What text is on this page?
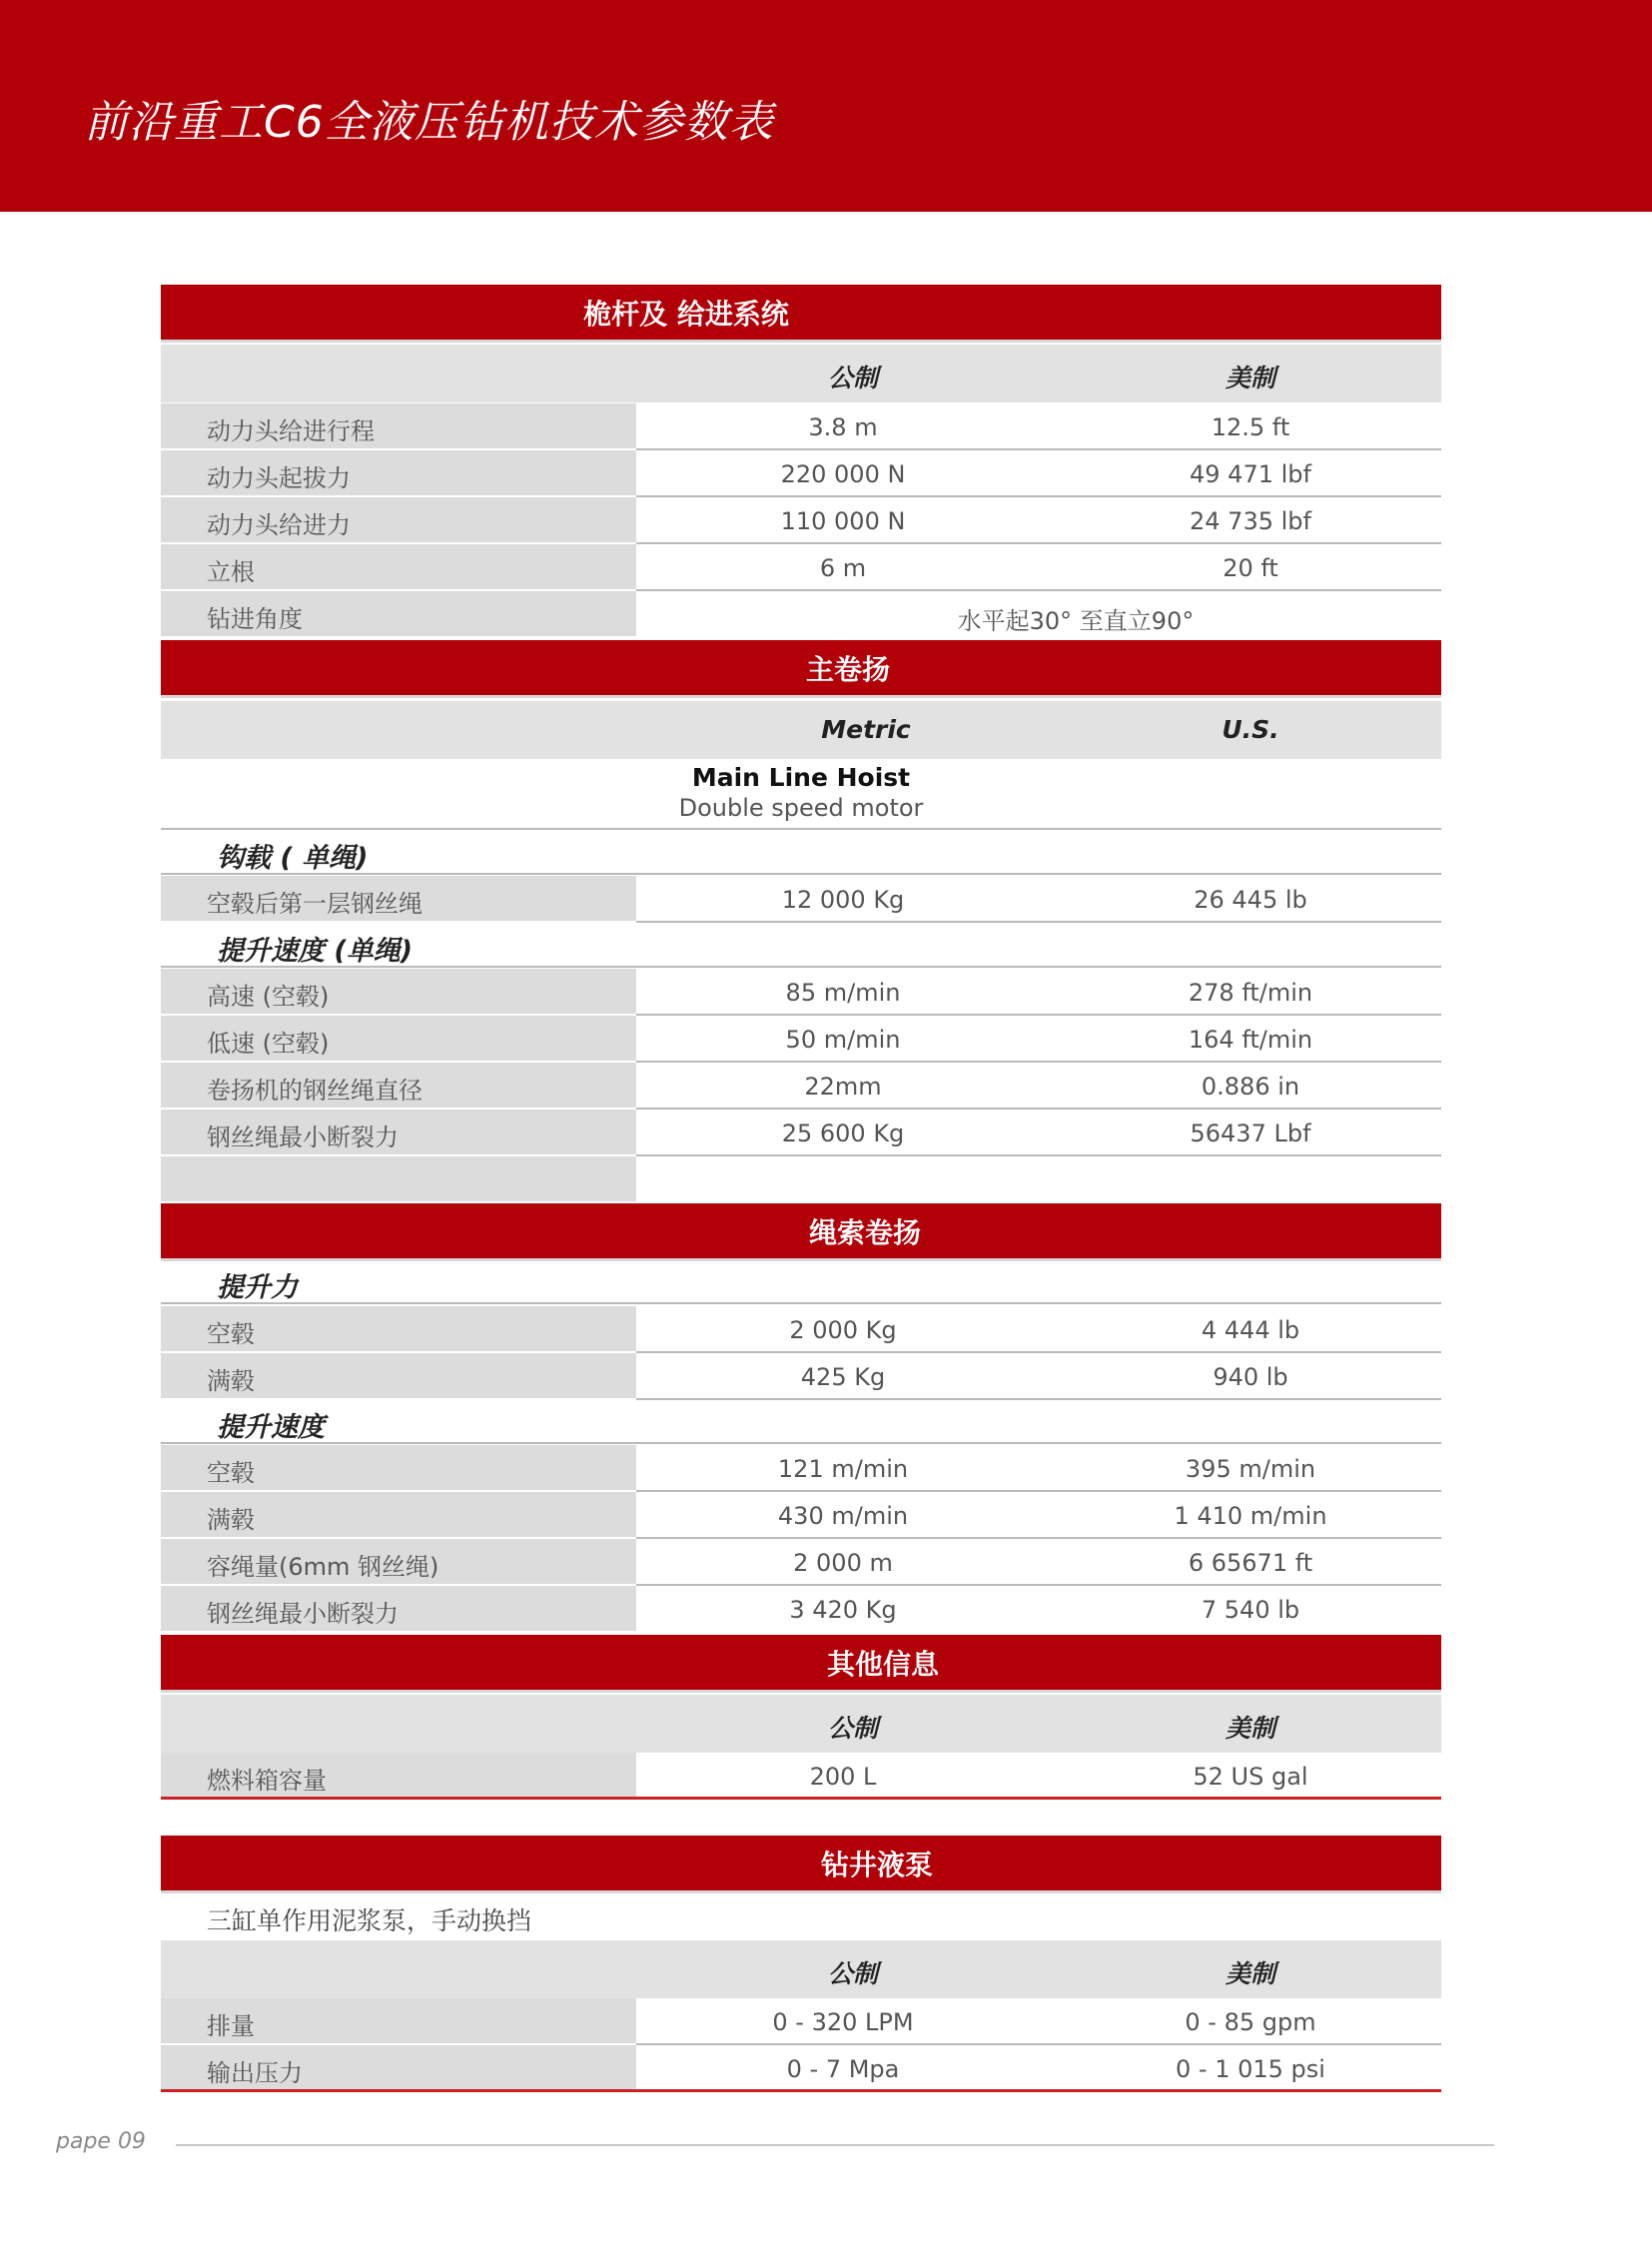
前沿重工C6全液压钻机技术参数表
桅杆及 给进系统
公制	美制
动力头给进行程	3.8 m	12.5 ft
动力头起拔力	220 000 N	49 471 lbf
动力头给进力	110 000 N	24 735 lbf
立根	6 m	20 ft
钻进角度	水平起30° 至直立90°
主卷扬
Metric	U.S.
Main Line Hoist
Double speed motor
钩载 ( 单绳)
空毂后第一层钢丝绳	12 000 Kg	26 445 lb
提升速度 (单绳)
高速 (空毂)	85 m/min	278 ft/min
低速 (空毂)	50 m/min	164 ft/min
卷扬机的钢丝绳直径	22mm	0.886 in
钢丝绳最小断裂力	25 600 Kg	56437 Lbf
绳索卷扬
提升力
空毂	2 000 Kg	4 444 lb
满毂	425 Kg	940 lb
提升速度
空毂	121 m/min	395 m/min
满毂	430 m/min	1 410 m/min
容绳量(6mm 钢丝绳)	2 000 m	6 65671 ft
钢丝绳最小断裂力	3 420 Kg	7 540 lb
其他信息
公制	美制
燃料箱容量	200 L	52 US gal
钻井液泵
三缸单作用泥浆泵，手动换挡
公制	美制
排量	0 - 320 LPM	0 - 85 gpm
输出压力	0 - 7 Mpa	0 - 1 015 psi
pape 09
